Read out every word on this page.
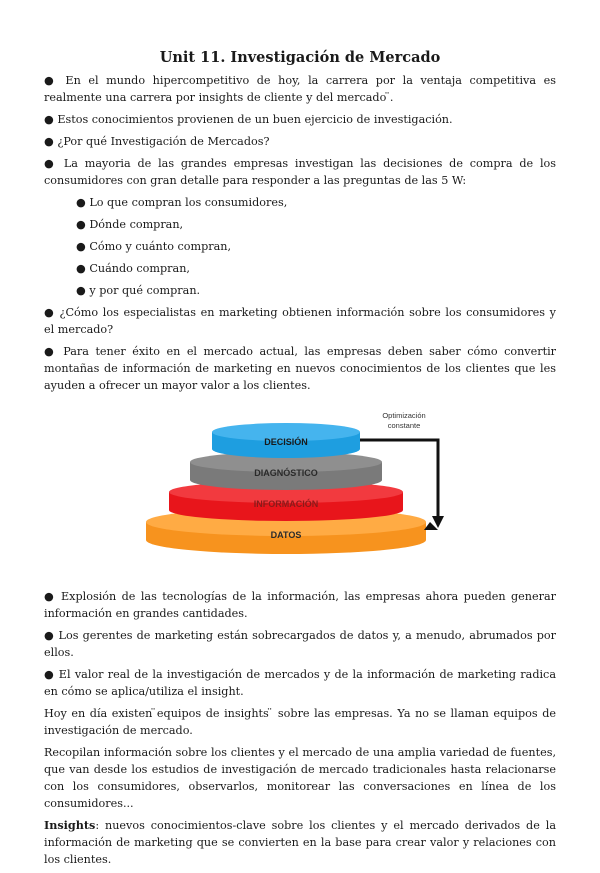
Unit 11. Investigación de Mercado

● En el mundo hipercompetitivo de hoy, la carrera por la ventaja competitiva es realmente una carrera por insights de cliente y del mercado ̈.

● Estos conocimientos provienen de un buen ejercicio de investigación.

● ¿Por qué Investigación de Mercados?

● La mayoria de las grandes empresas investigan las decisiones de compra de los consumidores con gran detalle para responder a las preguntas de las 5 W:

● Lo que compran los consumidores,
● Dónde compran,
● Cómo y cuánto compran,
● Cuándo compran,
● y por qué compran.

● ¿Cómo los especialistas en marketing obtienen información sobre los consumidores y el mercado?

● Para tener éxito en el mercado actual, las empresas deben saber cómo convertir montañas de información de marketing en nuevos conocimientos de los clientes que les ayuden a ofrecer un mayor valor a los clientes.

DATOS
INFORMACIÓN
DIAGNÓSTICO
DECISIÓN
Optimización
constante

● Explosión de las tecnologías de la información, las empresas ahora pueden generar información en grandes cantidades.

● Los gerentes de marketing están sobrecargados de datos y, a menudo, abrumados por ellos.

● El valor real de la investigación de mercados y de la información de marketing radica en cómo se aplica/utiliza el insight.

Hoy en día existen ̈equipos de insights ̈ sobre las empresas. Ya no se llaman equipos de investigación de mercado.

Recopilan información sobre los clientes y el mercado de una amplia variedad de fuentes, que van desde los estudios de investigación de mercado tradicionales hasta relacionarse con los consumidores, observarlos, monitorear las conversaciones en línea de los consumidores...

Insights: nuevos conocimientos-clave sobre los clientes y el mercado derivados de la información de marketing que se convierten en la base para crear valor y relaciones con los clientes.
